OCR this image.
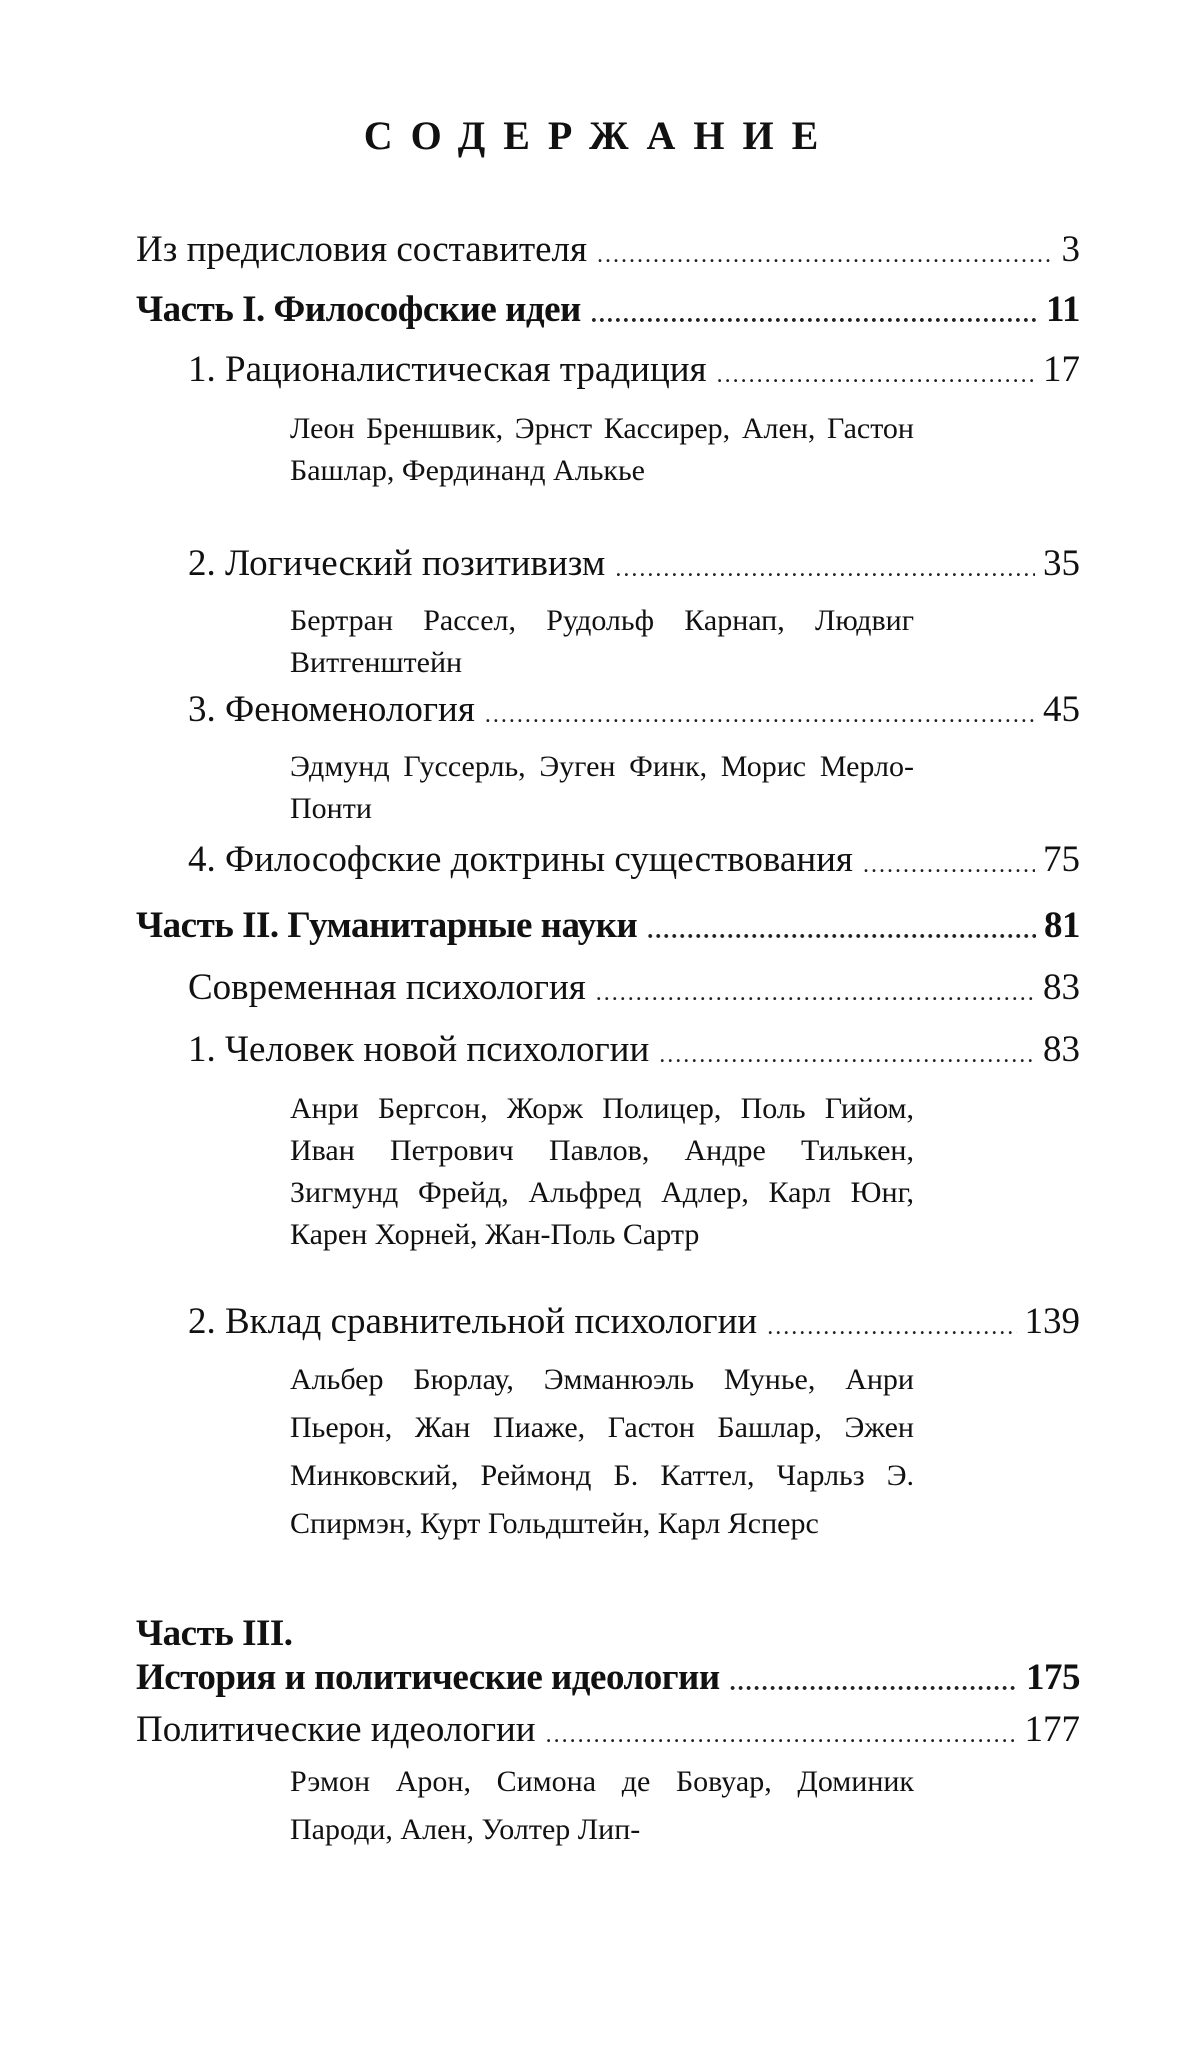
СОДЕРЖАНИЕ
Из предисловия составителя .....	3
Часть I. Философские идеи .....	11
1. Рационалистическая традиция .....	17
Леон Бреншвик, Эрнст Кассирер, Ален, Гастон Башлар, Фердинанд Алькье
2. Логический позитивизм .....	35
Бертран Рассел, Рудольф Карнап, Людвиг Витгенштейн
3. Феноменология .....	45
Эдмунд Гуссерль, Эуген Финк, Морис Мерло-Понти
4. Философские доктрины существования .....	75
Часть II. Гуманитарные науки .....	81
Современная психология .....	83
1. Человек новой психологии .....	83
Анри Бергсон, Жорж Полицер, Поль Гийом, Иван Петрович Павлов, Андре Тилькен, Зигмунд Фрейд, Альфред Адлер, Карл Юнг, Карен Хорней, Жан-Поль Сартр
2. Вклад сравнительной психологии .....	139
Альбер Бюрлау, Эмманюэль Мунье, Анри Пьерон, Жан Пиаже, Гастон Башлар, Эжен Минковский, Реймонд Б. Каттел, Чарльз Э. Спирмэн, Курт Гольдштейн, Карл Ясперс
Часть III.
История и политические идеологии .....	175
Политические идеологии .....	177
Рэмон Арон, Симона де Бовуар, Доминик Пароди, Ален, Уолтер Лип-
